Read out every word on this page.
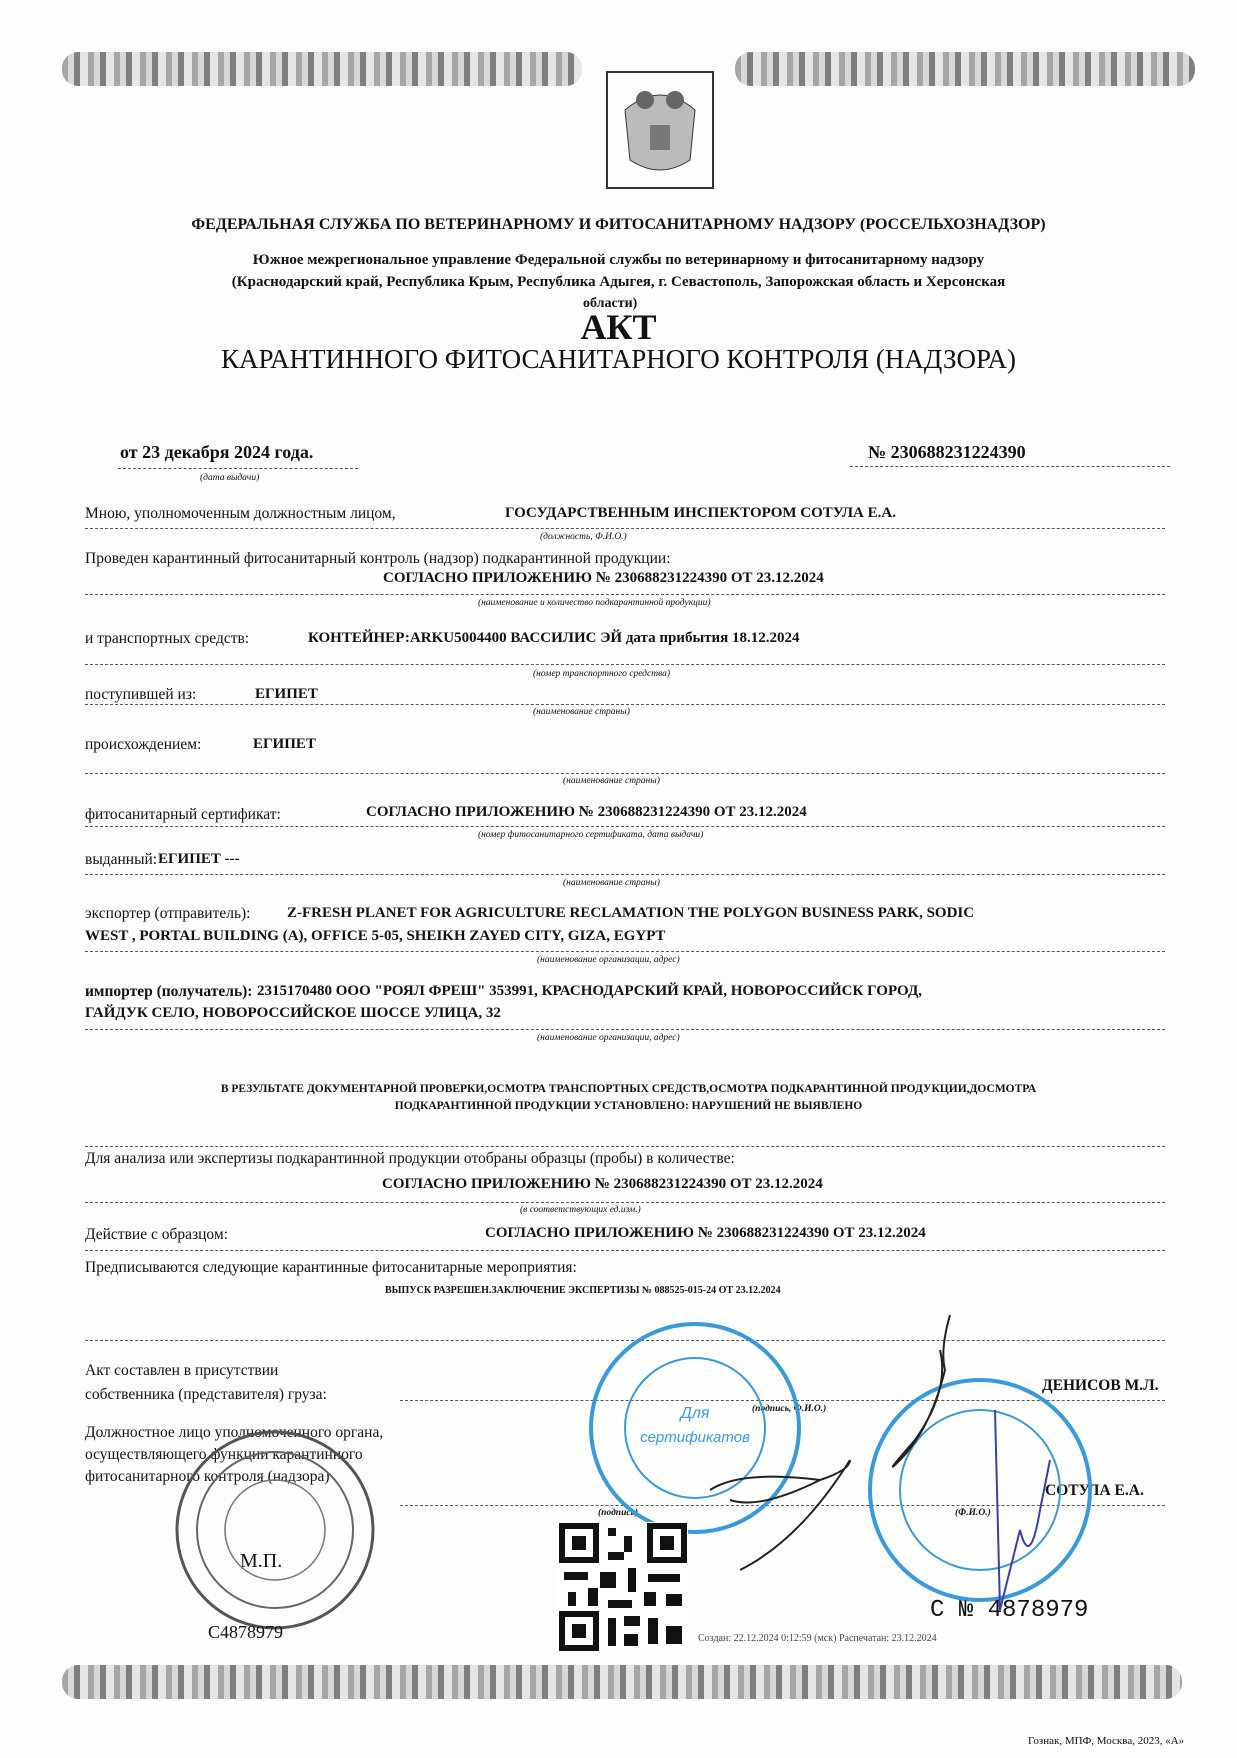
ФЕДЕРАЛЬНАЯ СЛУЖБА ПО ВЕТЕРИНАРНОМУ И ФИТОСАНИТАРНОМУ НАДЗОРУ (РОССЕЛЬХОЗНАДЗОР)
Южное межрегиональное управление Федеральной службы по ветеринарному и фитосанитарному надзору
(Краснодарский край, Республика Крым, Республика Адыгея, г. Севастополь, Запорожская область и Херсонская
области)
АКТ
КАРАНТИННОГО ФИТОСАНИТАРНОГО КОНТРОЛЯ (НАДЗОРА)
от 23 декабря 2024 года.
(дата выдачи)
№ 230688231224390
Мною, уполномоченным должностным лицом,	ГОСУДАРСТВЕННЫМ ИНСПЕКТОРОМ СОТУЛА Е.А.
(должность, Ф.И.О.)
Проведен карантинный фитосанитарный контроль (надзор) подкарантинной продукции:
СОГЛАСНО ПРИЛОЖЕНИЮ № 230688231224390 ОТ 23.12.2024
(наименование и количество подкарантинной продукции)
и транспортных средств:	КОНТЕЙНЕР:ARKU5004400 ВАССИЛИС ЭЙ дата прибытия 18.12.2024
(номер транспортного средства)
поступившей из:	ЕГИПЕТ
(наименование страны)
происхождением:	ЕГИПЕТ
(наименование страны)
фитосанитарный сертификат:	СОГЛАСНО ПРИЛОЖЕНИЮ № 230688231224390 ОТ 23.12.2024
(номер фитосанитарного сертификата, дата выдачи)
выданный: ЕГИПЕТ ---
(наименование страны)
экспортер (отправитель): Z-FRESH PLANET FOR AGRICULTURE RECLAMATION THE POLYGON BUSINESS PARK, SODIC
WEST , PORTAL BUILDING (A), OFFICE 5-05, SHEIKH ZAYED CITY, GIZA, EGYPT
(наименование организации, адрес)
импортер (получатель): 2315170480 ООО "РОЯЛ ФРЕШ" 353991, КРАСНОДАРСКИЙ КРАЙ, НОВОРОССИЙСК ГОРОД,
ГАЙДУК СЕЛО, НОВОРОССИЙСКОЕ ШОССЕ УЛИЦА, 32
(наименование организации, адрес)
В РЕЗУЛЬТАТЕ ДОКУМЕНТАРНОЙ ПРОВЕРКИ,ОСМОТРА ТРАНСПОРТНЫХ СРЕДСТВ,ОСМОТРА ПОДКАРАНТИННОЙ ПРОДУКЦИИ,ДОСМОТРА
ПОДКАРАНТИННОЙ ПРОДУКЦИИ УСТАНОВЛЕНО: НАРУШЕНИЙ НЕ ВЫЯВЛЕНО
Для анализа или экспертизы подкарантинной продукции отобраны образцы (пробы) в количестве:
СОГЛАСНО ПРИЛОЖЕНИЮ № 230688231224390 ОТ 23.12.2024
(в соответствующих ед.изм.)
Действие с образцом:	СОГЛАСНО ПРИЛОЖЕНИЮ № 230688231224390 ОТ 23.12.2024
Предписываются следующие карантинные фитосанитарные мероприятия:
ВЫПУСК РАЗРЕШЕН.ЗАКЛЮЧЕНИЕ ЭКСПЕРТИЗЫ № 088525-015-24 ОТ 23.12.2024
Акт составлен в присутствии
собственника (представителя) груза:
ДЕНИСОВ М.Л.
(подпись, Ф.И.О.)
Должностное лицо уполномоченного органа,
осуществляющего функции карантинного
фитосанитарного контроля (надзора)
(подпись)	(Ф.И.О.)
СОТУЛА Е.А.
М.П.
Для
сертификатов
С4878979
С № 4878979
Создан: 22.12.2024 0:12:59 (мск) Распечатан: 23.12.2024
Гознак, МПФ, Москва, 2023, «А»
